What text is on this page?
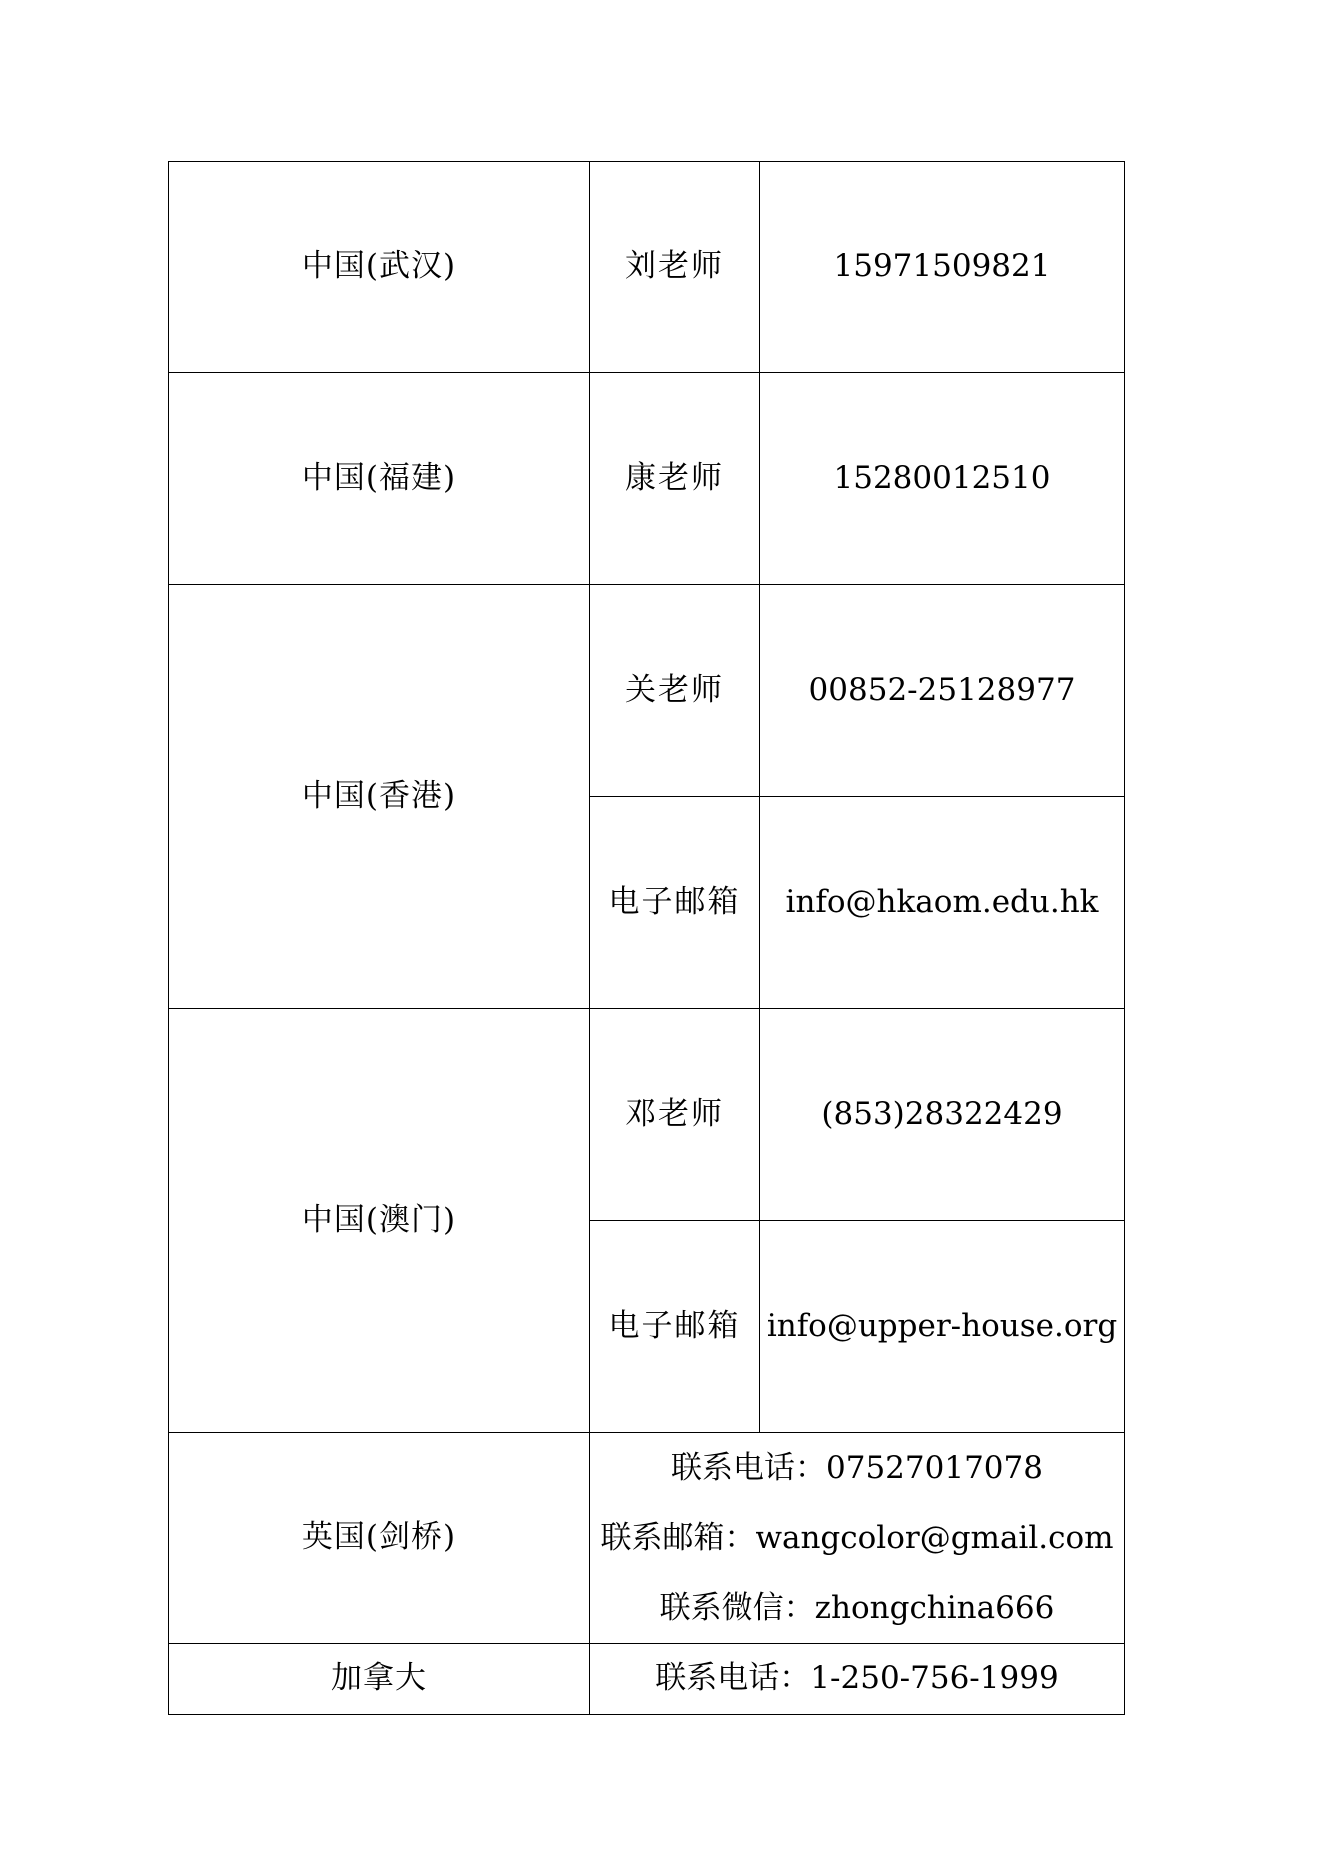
中国(武汉)	刘老师	15971509821
中国(福建)	康老师	15280012510
中国(香港)	关老师	00852-25128977
	电子邮箱	info@hkaom.edu.hk
中国(澳门)	邓老师	(853)28322429
	电子邮箱	info@upper-house.org
英国(剑桥)	联系电话：07527017078
联系邮箱：wangcolor@gmail.com
联系微信：zhongchina666	

加拿大	联系电话：1-250-756-1999	
